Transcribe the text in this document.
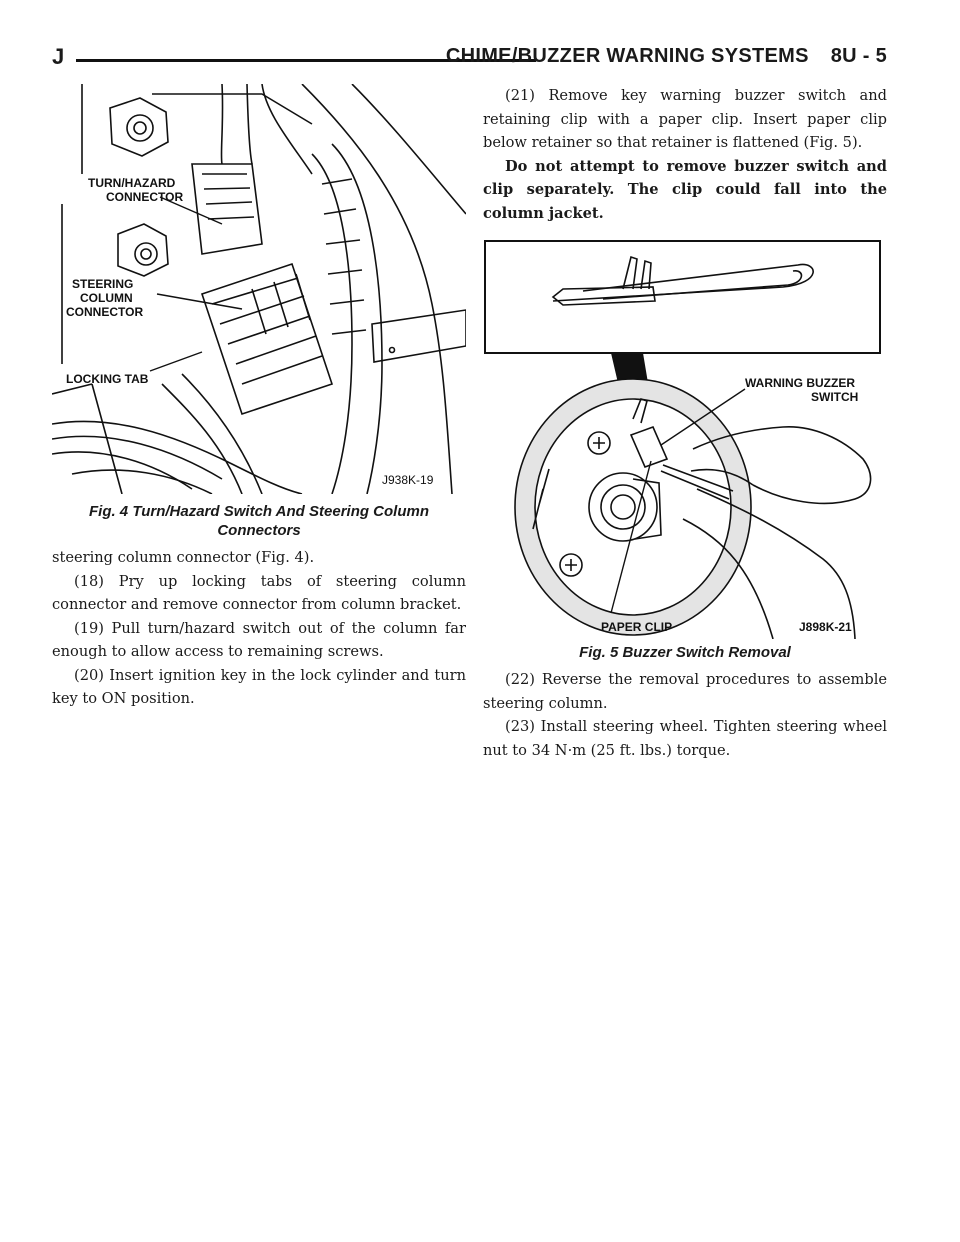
J	CHIME/BUZZER WARNING SYSTEMS 8U - 5
TURN/HAZARD
CONNECTOR
STEERING
COLUMN
CONNECTOR
LOCKING TAB
J938K-19
Fig. 4 Turn/Hazard Switch And Steering Column
Connectors

steering column connector (Fig. 4).

(18) Pry up locking tabs of steering column connector and remove connector from column bracket.

(19) Pull turn/hazard switch out of the column far enough to allow access to remaining screws.

(20) Insert ignition key in the lock cylinder and turn key to ON position.

(21) Remove key warning buzzer switch and retaining clip with a paper clip. Insert paper clip below retainer so that retainer is flattened (Fig. 5).

Do not attempt to remove buzzer switch and clip separately. The clip could fall into the column jacket.

WARNING BUZZER
SWITCH
PAPER CLIP	J898K-21
Fig. 5 Buzzer Switch Removal

(22) Reverse the removal procedures to assemble steering column.

(23) Install steering wheel. Tighten steering wheel nut to 34 N·m (25 ft. lbs.) torque.
